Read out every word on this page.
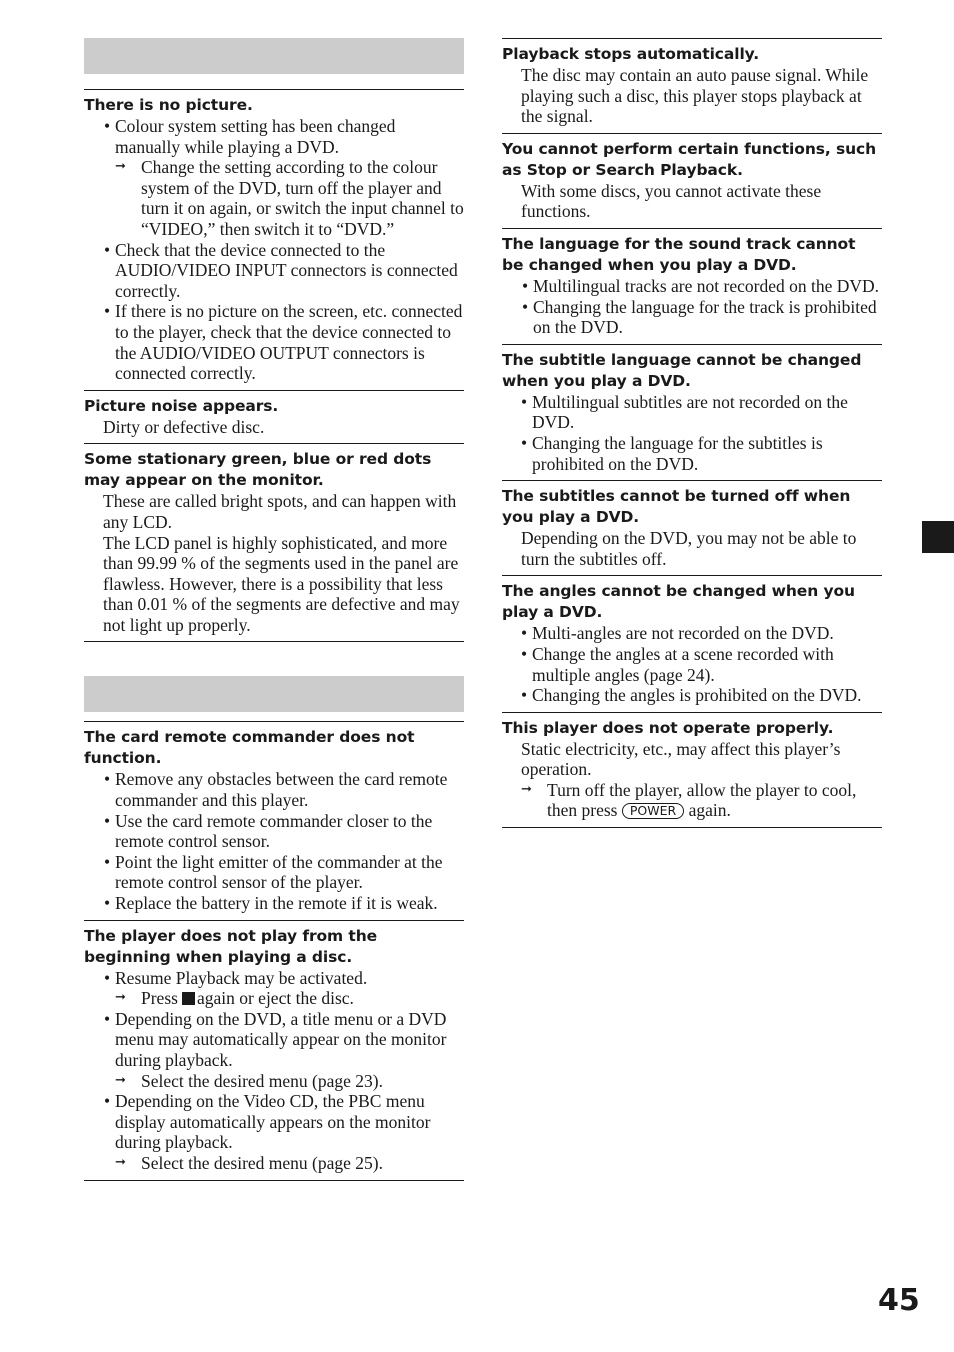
There is no picture.
• Colour system setting has been changed manually while playing a DVD.
➞ Change the setting according to the colour system of the DVD, turn off the player and turn it on again, or switch the input channel to “VIDEO,” then switch it to “DVD.”
• Check that the device connected to the AUDIO/VIDEO INPUT connectors is connected correctly.
• If there is no picture on the screen, etc. connected to the player, check that the device connected to the AUDIO/VIDEO OUTPUT connectors is connected correctly.
Picture noise appears.
Dirty or defective disc.
Some stationary green, blue or red dots may appear on the monitor.
These are called bright spots, and can happen with any LCD.
The LCD panel is highly sophisticated, and more than 99.99 % of the segments used in the panel are flawless. However, there is a possibility that less than 0.01 % of the segments are defective and may not light up properly.
The card remote commander does not function.
• Remove any obstacles between the card remote commander and this player.
• Use the card remote commander closer to the remote control sensor.
• Point the light emitter of the commander at the remote control sensor of the player.
• Replace the battery in the remote if it is weak.
The player does not play from the beginning when playing a disc.
• Resume Playback may be activated.
➞ Press again or eject the disc.
• Depending on the DVD, a title menu or a DVD menu may automatically appear on the monitor during playback.
➞ Select the desired menu (page 23).
• Depending on the Video CD, the PBC menu display automatically appears on the monitor during playback.
➞ Select the desired menu (page 25).
Playback stops automatically.
The disc may contain an auto pause signal. While playing such a disc, this player stops playback at the signal.
You cannot perform certain functions, such as Stop or Search Playback.
With some discs, you cannot activate these functions.
The language for the sound track cannot be changed when you play a DVD.
• Multilingual tracks are not recorded on the DVD.
• Changing the language for the track is prohibited on the DVD.
The subtitle language cannot be changed when you play a DVD.
• Multilingual subtitles are not recorded on the DVD.
• Changing the language for the subtitles is prohibited on the DVD.
The subtitles cannot be turned off when you play a DVD.
Depending on the DVD, you may not be able to turn the subtitles off.
The angles cannot be changed when you play a DVD.
• Multi-angles are not recorded on the DVD.
• Change the angles at a scene recorded with multiple angles (page 24).
• Changing the angles is prohibited on the DVD.
This player does not operate properly.
Static electricity, etc., may affect this player’s operation.
➞ Turn off the player, allow the player to cool, then press POWER again.
45
